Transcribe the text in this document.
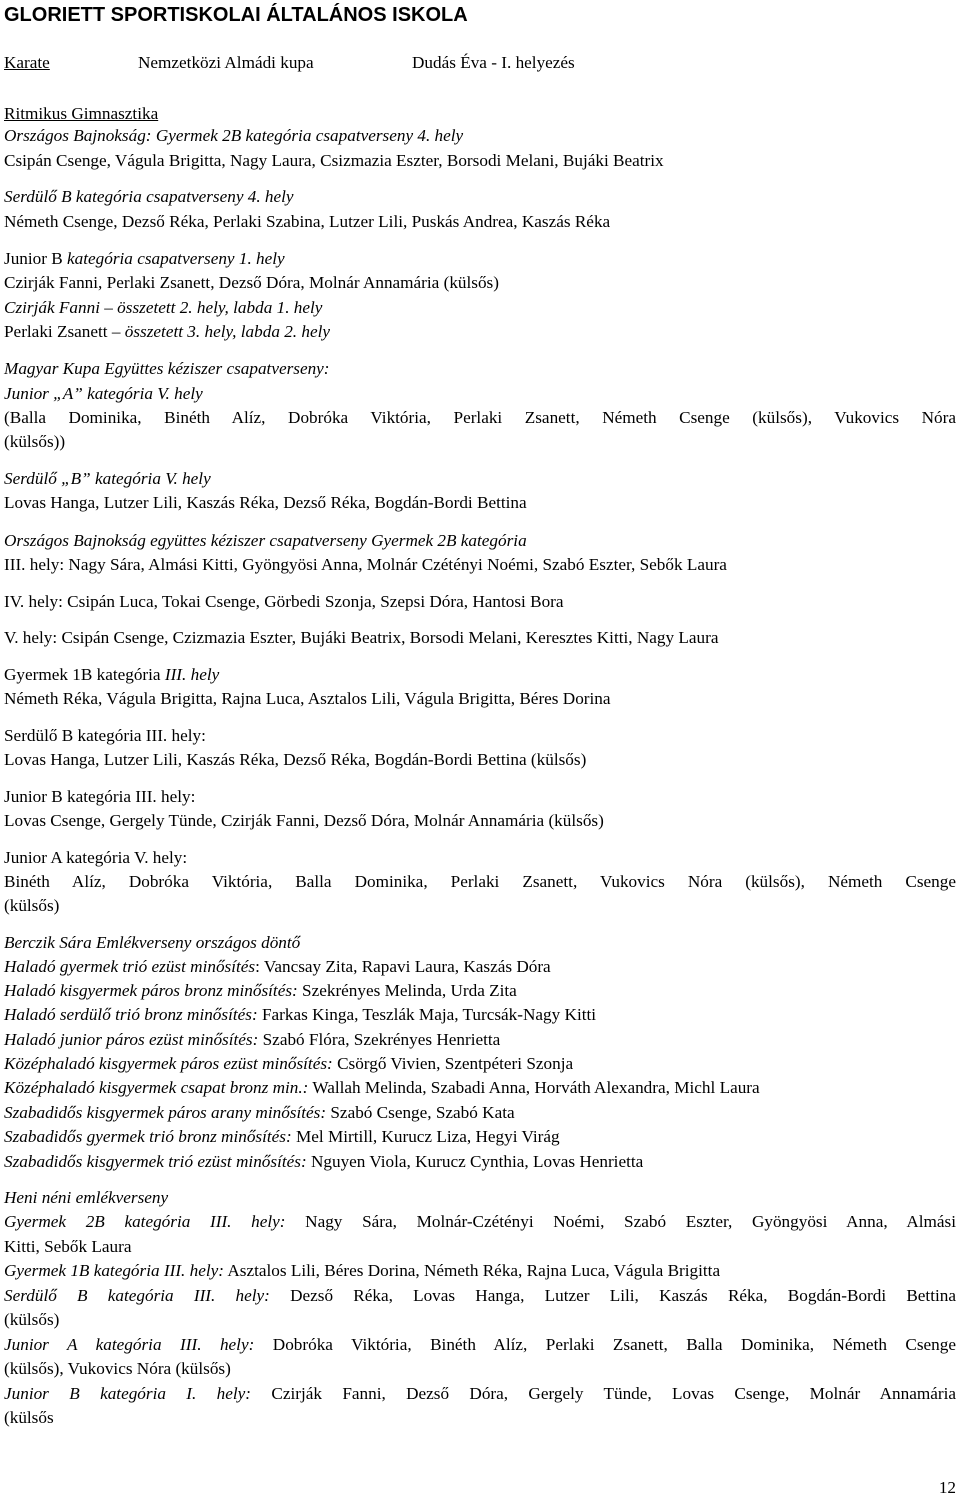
GLORIETT SPORTISKOLAI ÁLTALÁNOS ISKOLA
Karate	Nemzetközi Almádi kupa	Dudás Éva - I. helyezés
Ritmikus Gimnasztika
Országos Bajnokság: Gyermek 2B kategória csapatverseny 4. hely
Csipán Csenge, Vágula Brigitta, Nagy Laura, Csizmazia Eszter, Borsodi Melani, Bujáki Beatrix
Serdülő B kategória csapatverseny 4. hely
Németh Csenge, Dezső Réka, Perlaki Szabina, Lutzer Lili, Puskás Andrea, Kaszás Réka
Junior B kategória csapatverseny 1. hely
Czirják Fanni, Perlaki Zsanett, Dezső Dóra, Molnár Annamária (külsős)
Czirják Fanni – összetett 2. hely, labda 1. hely
Perlaki Zsanett – összetett 3. hely, labda 2. hely
Magyar Kupa Együttes kéziszer csapatverseny:
Junior „A” kategória V. hely
(Balla Dominika, Binéth Alíz, Dobróka Viktória, Perlaki Zsanett, Németh Csenge (külsős), Vukovics Nóra
(külsős))
Serdülő „B” kategória V. hely
Lovas Hanga, Lutzer Lili, Kaszás Réka, Dezső Réka, Bogdán-Bordi Bettina
Országos Bajnokság együttes kéziszer csapatverseny Gyermek 2B kategória
III. hely: Nagy Sára, Almási Kitti, Gyöngyösi Anna, Molnár Czétényi Noémi, Szabó Eszter, Sebők Laura
IV. hely: Csipán Luca, Tokai Csenge, Görbedi Szonja, Szepsi Dóra, Hantosi Bora
V. hely: Csipán Csenge, Czizmazia Eszter, Bujáki Beatrix, Borsodi Melani, Keresztes Kitti, Nagy Laura
Gyermek 1B kategória III. hely
Németh Réka, Vágula Brigitta, Rajna Luca, Asztalos Lili, Vágula Brigitta, Béres Dorina
Serdülő B kategória III. hely:
Lovas Hanga, Lutzer Lili, Kaszás Réka, Dezső Réka, Bogdán-Bordi Bettina (külsős)
Junior B kategória III. hely:
Lovas Csenge, Gergely Tünde, Czirják Fanni, Dezső Dóra, Molnár Annamária (külsős)
Junior A kategória V. hely:
Binéth Alíz, Dobróka Viktória, Balla Dominika, Perlaki Zsanett, Vukovics Nóra (külsős), Németh Csenge
(külsős)
Berczik Sára Emlékverseny országos döntő
Haladó gyermek trió ezüst minősítés: Vancsay Zita, Rapavi Laura, Kaszás Dóra
Haladó kisgyermek páros bronz minősítés: Szekrényes Melinda, Urda Zita
Haladó serdülő trió bronz minősítés: Farkas Kinga, Teszlák Maja, Turcsák-Nagy Kitti
Haladó junior páros ezüst minősítés: Szabó Flóra, Szekrényes Henrietta
Középhaladó kisgyermek páros ezüst minősítés: Csörgő Vivien, Szentpéteri Szonja
Középhaladó kisgyermek csapat bronz min.: Wallah Melinda, Szabadi Anna, Horváth Alexandra, Michl Laura
Szabadidős kisgyermek páros arany minősítés: Szabó Csenge, Szabó Kata
Szabadidős gyermek trió bronz minősítés: Mel Mirtill, Kurucz Liza, Hegyi Virág
Szabadidős kisgyermek trió ezüst minősítés: Nguyen Viola, Kurucz Cynthia, Lovas Henrietta
Heni néni emlékverseny
Gyermek 2B kategória III. hely: Nagy Sára, Molnár-Czétényi Noémi, Szabó Eszter, Gyöngyösi Anna, Almási
Kitti, Sebők Laura
Gyermek 1B kategória III. hely: Asztalos Lili, Béres Dorina, Németh Réka, Rajna Luca, Vágula Brigitta
Serdülő B kategória III. hely: Dezső Réka, Lovas Hanga, Lutzer Lili, Kaszás Réka, Bogdán-Bordi Bettina
(külsős)
Junior A kategória III. hely: Dobróka Viktória, Binéth Alíz, Perlaki Zsanett, Balla Dominika, Németh Csenge
(külsős), Vukovics Nóra (külsős)
Junior B kategória I. hely: Czirják Fanni, Dezső Dóra, Gergely Tünde, Lovas Csenge, Molnár Annamária
(külsős
12
